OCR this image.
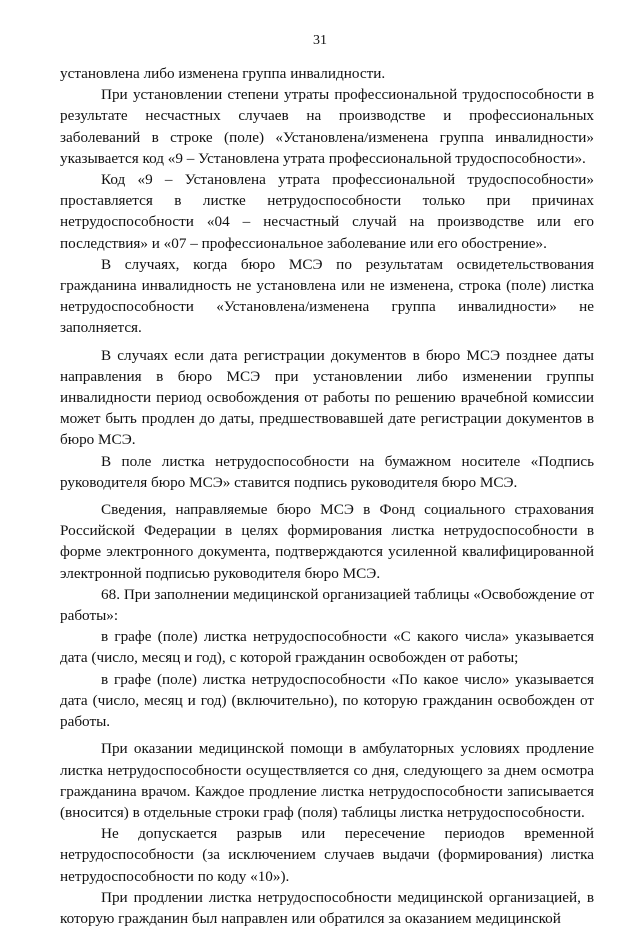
31

установлена либо изменена группа инвалидности.

При установлении степени утраты профессиональной трудоспособности в результате несчастных случаев на производстве и профессиональных заболеваний в строке (поле) «Установлена/изменена группа инвалидности» указывается код «9 – Установлена утрата профессиональной трудоспособности».

Код «9 – Установлена утрата профессиональной трудоспособности» проставляется в листке нетрудоспособности только при причинах нетрудоспособности «04 – несчастный случай на производстве или его последствия» и «07 – профессиональное заболевание или его обострение».

В случаях, когда бюро МСЭ по результатам освидетельствования гражданина инвалидность не установлена или не изменена, строка (поле) листка нетрудоспособности «Установлена/изменена группа инвалидности» не заполняется.

В случаях если дата регистрации документов в бюро МСЭ позднее даты направления в бюро МСЭ при установлении либо изменении группы инвалидности период освобождения от работы по решению врачебной комиссии может быть продлен до даты, предшествовавшей дате регистрации документов в бюро МСЭ.

В поле листка нетрудоспособности на бумажном носителе «Подпись руководителя бюро МСЭ» ставится подпись руководителя бюро МСЭ.

Сведения, направляемые бюро МСЭ в Фонд социального страхования Российской Федерации в целях формирования листка нетрудоспособности в форме электронного документа, подтверждаются усиленной квалифицированной электронной подписью руководителя бюро МСЭ.

68. При заполнении медицинской организацией таблицы «Освобождение от работы»:

в графе (поле) листка нетрудоспособности «С какого числа» указывается дата (число, месяц и год), с которой гражданин освобожден от работы;

в графе (поле) листка нетрудоспособности «По какое число» указывается дата (число, месяц и год) (включительно), по которую гражданин освобожден от работы.

При оказании медицинской помощи в амбулаторных условиях продление листка нетрудоспособности осуществляется со дня, следующего за днем осмотра гражданина врачом. Каждое продление листка нетрудоспособности записывается (вносится) в отдельные строки граф (поля) таблицы листка нетрудоспособности.

Не допускается разрыв или пересечение периодов временной нетрудоспособности (за исключением случаев выдачи (формирования) листка нетрудоспособности по коду «10»).

При продлении листка нетрудоспособности медицинской организацией, в которую гражданин был направлен или обратился за оказанием медицинской
